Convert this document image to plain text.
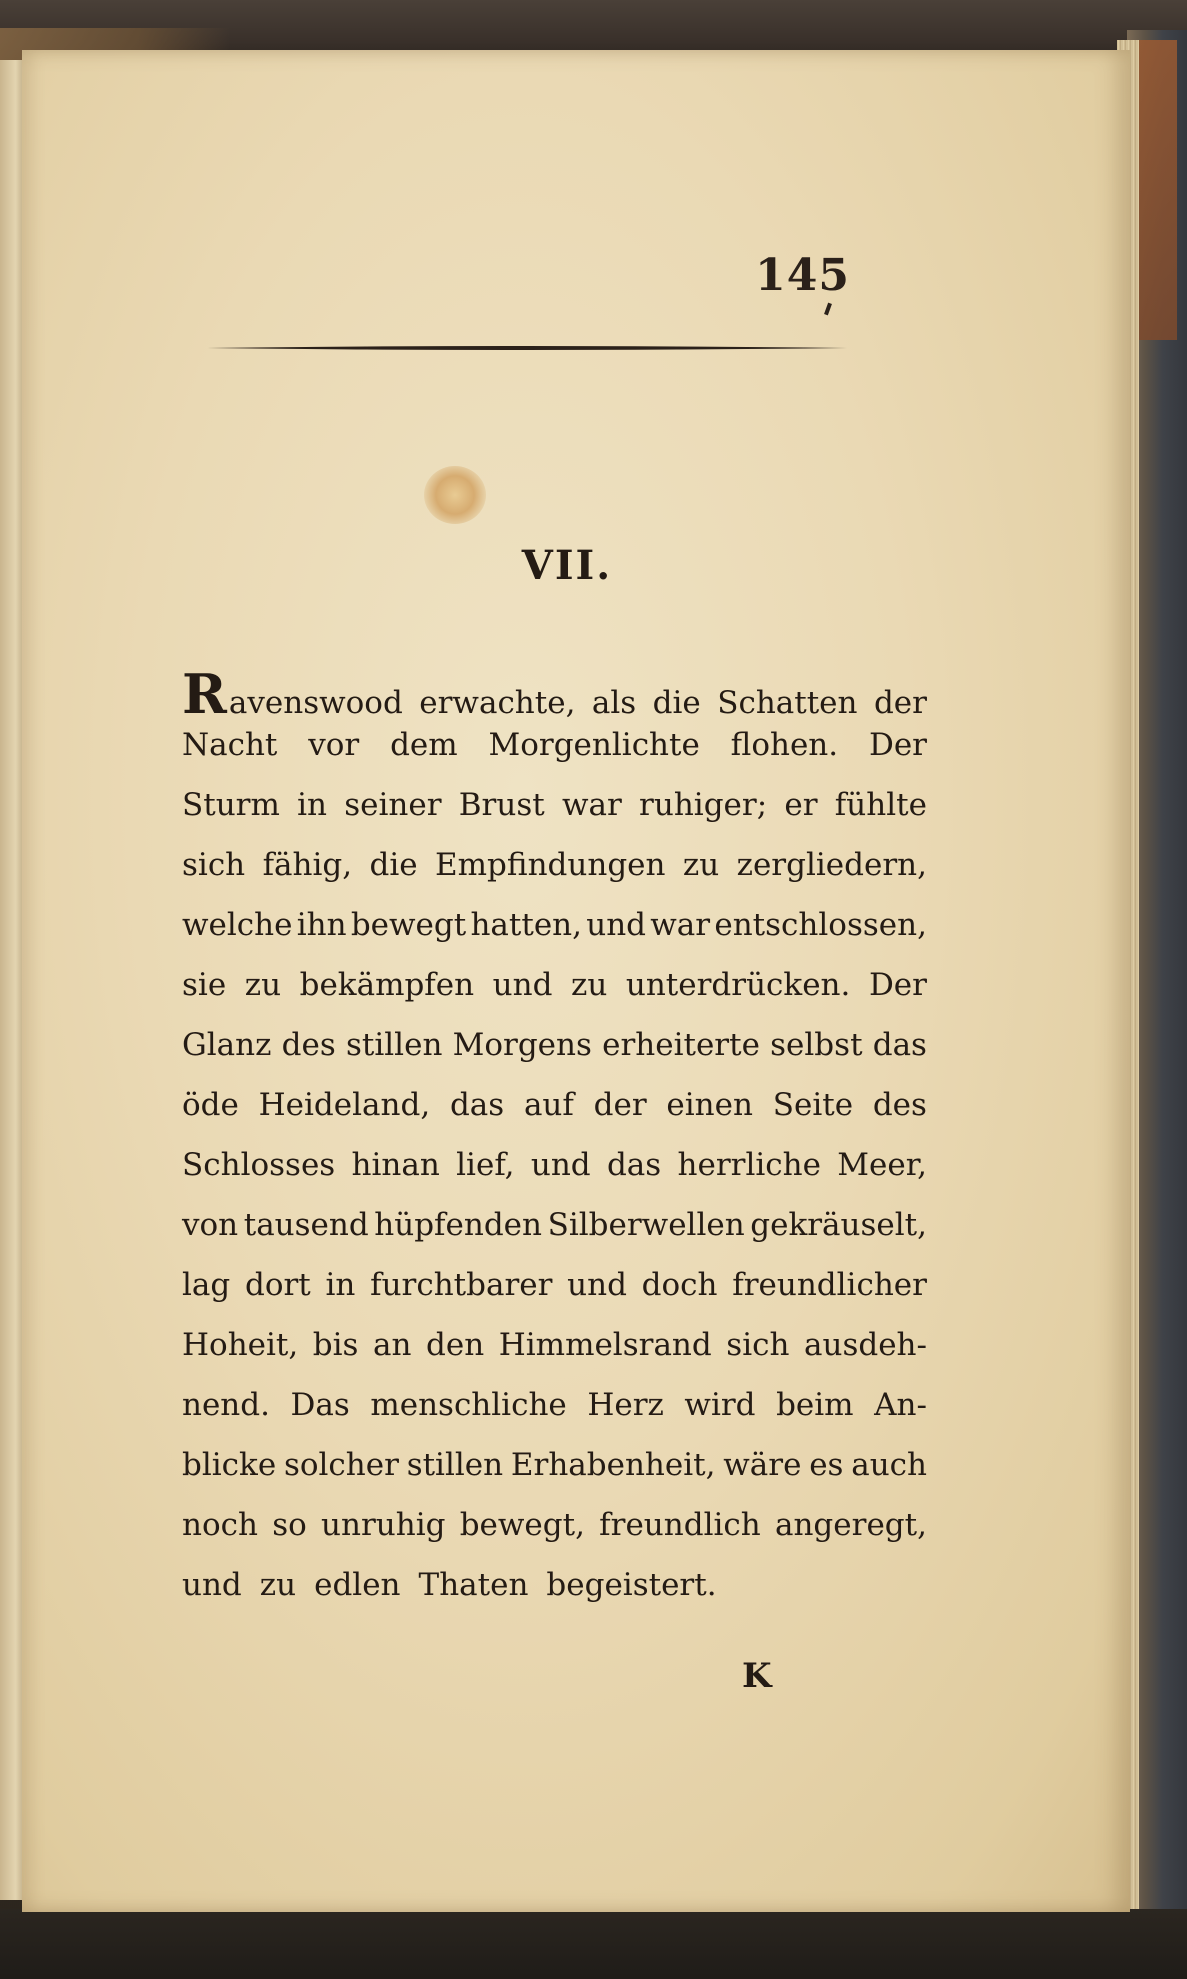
145
VII.
Ravenswood erwachte, als die Schatten der
Nacht vor dem Morgenlichte flohen. Der
Sturm in seiner Brust war ruhiger; er fühlte
sich fähig, die Empfindungen zu zergliedern,
welche ihn bewegt hatten, und war entschlossen,
sie zu bekämpfen und zu unterdrücken. Der
Glanz des stillen Morgens erheiterte selbst das
öde Heideland, das auf der einen Seite des
Schlosses hinan lief, und das herrliche Meer,
von tausend hüpfenden Silberwellen gekräuselt,
lag dort in furchtbarer und doch freundlicher
Hoheit, bis an den Himmelsrand sich ausdeh-
nend. Das menschliche Herz wird beim An-
blicke solcher stillen Erhabenheit, wäre es auch
noch so unruhig bewegt, freundlich angeregt,
und zu edlen Thaten begeistert.
K
